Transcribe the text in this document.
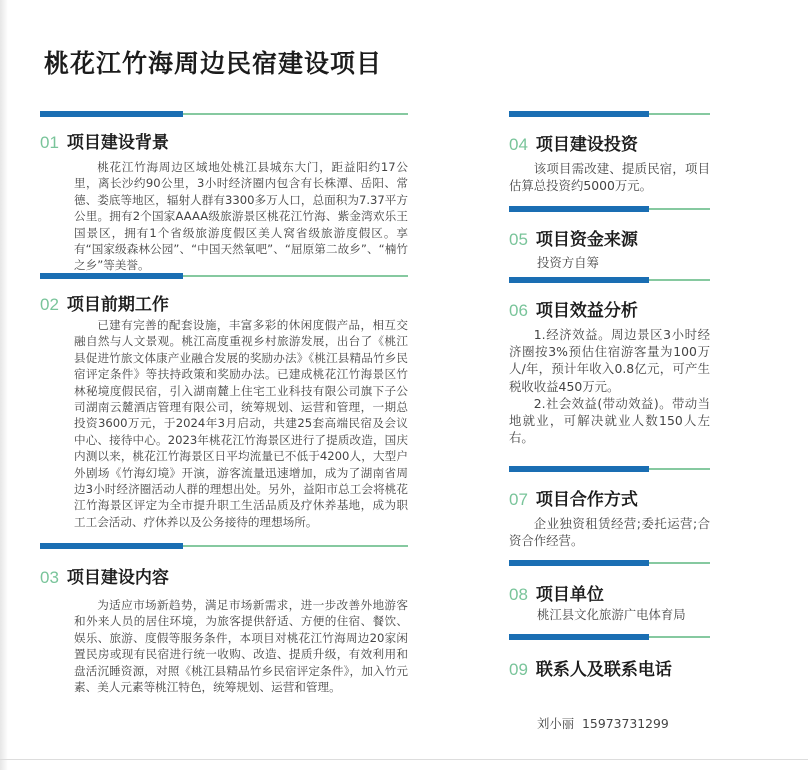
桃花江竹海周边民宿建设项目
01 项目建设背景

桃花江竹海周边区域地处桃江县城东大门，距益阳约17公里，离长沙约90公里，3小时经济圈内包含有长株潭、岳阳、常德、娄底等地区，辐射人群有3300多万人口，总面积为7.37平方公里。拥有2个国家AAAA级旅游景区桃花江竹海、紫金湾欢乐王国景区，拥有1个省级旅游度假区美人窝省级旅游度假区。享有“国家级森林公园”、“中国天然氧吧”、“屈原第二故乡”、“楠竹之乡”等美誉。

02 项目前期工作

已建有完善的配套设施，丰富多彩的休闲度假产品，相互交融自然与人文景观。桃江高度重视乡村旅游发展，出台了《桃江县促进竹旅文体康产业融合发展的奖励办法》《桃江县精品竹乡民宿评定条件》等扶持政策和奖励办法。已建成桃花江竹海景区竹林秘境度假民宿，引入湖南麓上住宅工业科技有限公司旗下子公司湖南云麓酒店管理有限公司，统筹规划、运营和管理，一期总投资3600万元，于2024年3月启动，共建25套高端民宿及会议中心、接待中心。2023年桃花江竹海景区进行了提质改造，国庆内测以来，桃花江竹海景区日平均流量已不低于4200人，大型户外剧场《竹海幻境》开演，游客流量迅速增加，成为了湖南省周边3小时经济圈活动人群的理想出处。另外，益阳市总工会将桃花江竹海景区评定为全市提升职工生活品质及疗休养基地，成为职工工会活动、疗休养以及公务接待的理想场所。

03 项目建设内容

为适应市场新趋势，满足市场新需求，进一步改善外地游客和外来人员的居住环境，为旅客提供舒适、方便的住宿、餐饮、娱乐、旅游、度假等服务条件，本项目对桃花江竹海周边20家闲置民房或现有民宿进行统一收购、改造、提质升级，有效利用和盘活沉睡资源，对照《桃江县精品竹乡民宿评定条件》，加入竹元素、美人元素等桃江特色，统筹规划、运营和管理。

04 项目建设投资

该项目需改建、提质民宿，项目估算总投资约5000万元。

05 项目资金来源

投资方自筹

06 项目效益分析

1.经济效益。周边景区3小时经济圈按3%预估住宿游客量为100万人/年，预计年收入0.8亿元，可产生税收收益450万元。

2.社会效益(带动效益)。带动当地就业，可解决就业人数150人左右。

07 项目合作方式

企业独资租赁经营;委托运营;合资合作经营。

08 项目单位

桃江县文化旅游广电体育局

09 联系人及联系电话

刘小丽  15973731299
